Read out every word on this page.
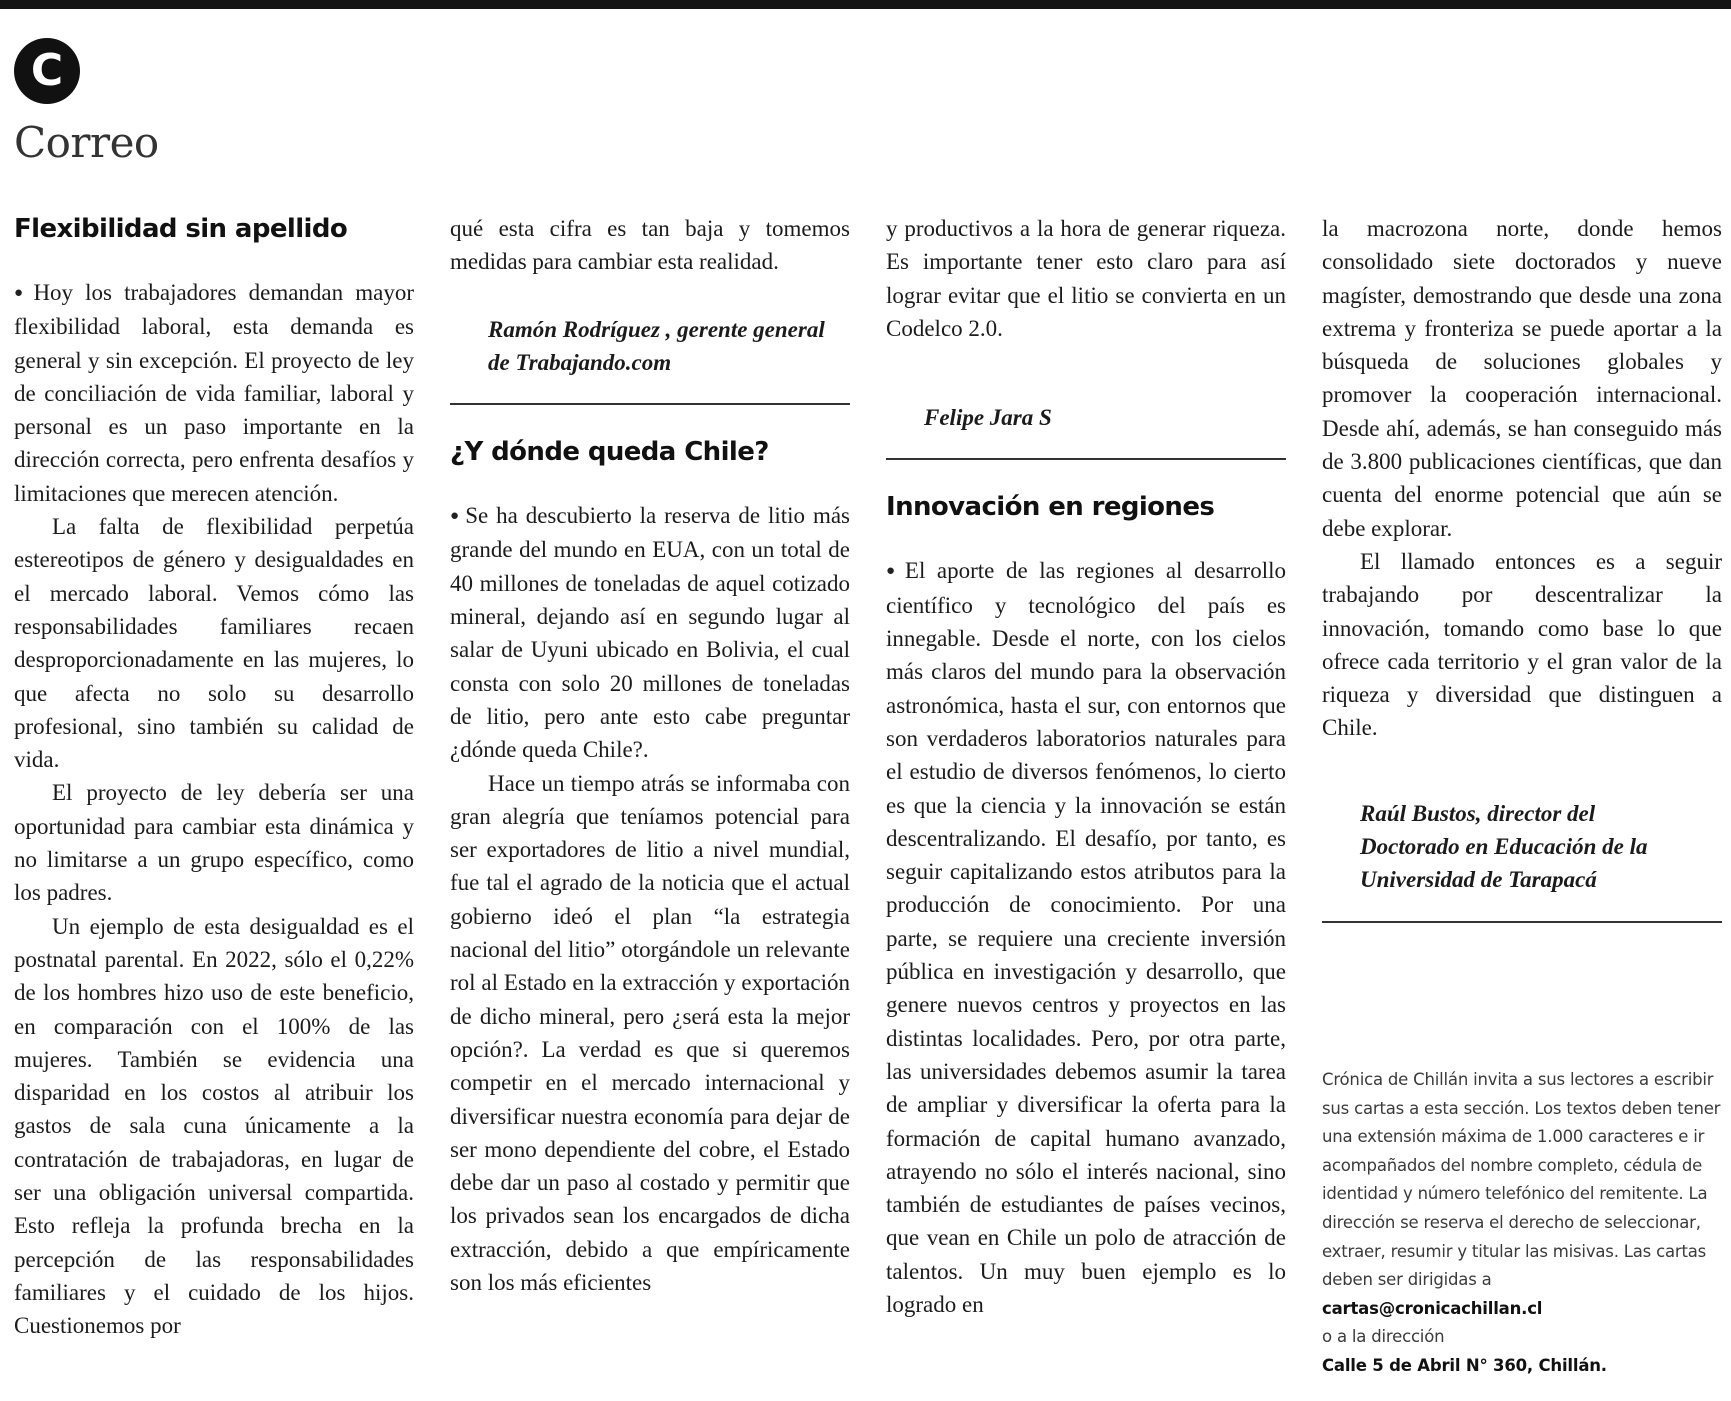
C
Correo
Flexibilidad sin apellido

● Hoy los trabajadores demandan mayor flexibilidad laboral, esta demanda es general y sin excepción. El proyecto de ley de conciliación de vida familiar, laboral y personal es un paso importante en la dirección correcta, pero enfrenta desafíos y limitaciones que merecen atención.

La falta de flexibilidad perpetúa estereotipos de género y desigualdades en el mercado laboral. Vemos cómo las responsabilidades familiares recaen desproporcionadamente en las mujeres, lo que afecta no solo su desarrollo profesional, sino también su calidad de vida.

El proyecto de ley debería ser una oportunidad para cambiar esta dinámica y no limitarse a un grupo específico, como los padres.

Un ejemplo de esta desigualdad es el postnatal parental. En 2022, sólo el 0,22% de los hombres hizo uso de este beneficio, en comparación con el 100% de las mujeres. También se evidencia una disparidad en los costos al atribuir los gastos de sala cuna únicamente a la contratación de trabajadoras, en lugar de ser una obligación universal compartida. Esto refleja la profunda brecha en la percepción de las responsabilidades familiares y el cuidado de los hijos. Cuestionemos por

qué esta cifra es tan baja y tomemos medidas para cambiar esta realidad.

Ramón Rodríguez , gerente general

de Trabajando.com

¿Y dónde queda Chile?

● Se ha descubierto la reserva de litio más grande del mundo en EUA, con un total de 40 millones de toneladas de aquel cotizado mineral, dejando así en segundo lugar al salar de Uyuni ubicado en Bolivia, el cual consta con solo 20 millones de toneladas de litio, pero ante esto cabe preguntar ¿dónde queda Chile?.

Hace un tiempo atrás se informaba con gran alegría que teníamos potencial para ser exportadores de litio a nivel mundial, fue tal el agrado de la noticia que el actual gobierno ideó el plan “la estrategia nacional del litio” otorgándole un relevante rol al Estado en la extracción y exportación de dicho mineral, pero ¿será esta la mejor opción?. La verdad es que si queremos competir en el mercado internacional y diversificar nuestra economía para dejar de ser mono dependiente del cobre, el Estado debe dar un paso al costado y permitir que los privados sean los encargados de dicha extracción, debido a que empíricamente son los más eficientes

y productivos a la hora de generar riqueza. Es importante tener esto claro para así lograr evitar que el litio se convierta en un Codelco 2.0.

Felipe Jara S

Innovación en regiones

● El aporte de las regiones al desarrollo científico y tecnológico del país es innegable. Desde el norte, con los cielos más claros del mundo para la observación astronómica, hasta el sur, con entornos que son verdaderos laboratorios naturales para el estudio de diversos fenómenos, lo cierto es que la ciencia y la innovación se están descentralizando. El desafío, por tanto, es seguir capitalizando estos atributos para la producción de conocimiento. Por una parte, se requiere una creciente inversión pública en investigación y desarrollo, que genere nuevos centros y proyectos en las distintas localidades. Pero, por otra parte, las universidades debemos asumir la tarea de ampliar y diversificar la oferta para la formación de capital humano avanzado, atrayendo no sólo el interés nacional, sino también de estudiantes de países vecinos, que vean en Chile un polo de atracción de talentos. Un muy buen ejemplo es lo logrado en

la macrozona norte, donde hemos consolidado siete doctorados y nueve magíster, demostrando que desde una zona extrema y fronteriza se puede aportar a la búsqueda de soluciones globales y promover la cooperación internacional. Desde ahí, además, se han conseguido más de 3.800 publicaciones científicas, que dan cuenta del enorme potencial que aún se debe explorar.

El llamado entonces es a seguir trabajando por descentralizar la innovación, tomando como base lo que ofrece cada territorio y el gran valor de la riqueza y diversidad que distinguen a Chile.

Raúl Bustos, director del

Doctorado en Educación de la

Universidad de Tarapacá

Crónica de Chillán invita a sus lectores a escribir sus cartas a esta sección. Los textos deben tener una extensión máxima de 1.000 caracteres e ir acompañados del nombre completo, cédula de identidad y número telefónico del remitente. La dirección se reserva el derecho de seleccionar, extraer, resumir y titular las misivas. Las cartas deben ser dirigidas a
cartas@cronicachillan.cl
o a la dirección
Calle 5 de Abril N° 360, Chillán.
